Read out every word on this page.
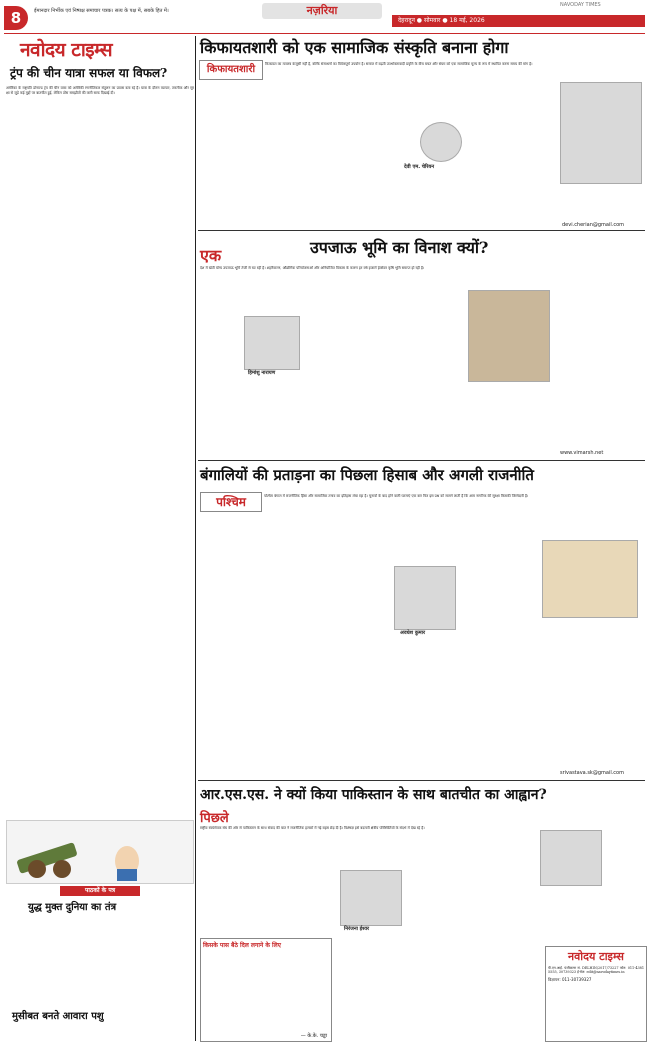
8	ईमानदार निर्भीक एवं निष्पक्ष समाचार पत्रक। सत्य के पक्ष में, सबके हित में।	नज़रिया	NAVODAY TIMES
देहरादून ● सोमवार ● 18 मई, 2026
नवोदय टाइम्स
ट्रंप की चीन यात्रा सफल या विफल?
अमेरिका के राष्ट्रपति डोनाल्ड ट्रंप की चीन यात्रा को अमेरिकी रणनीतिकार संतुलन का प्रयास बता रहे हैं। यात्रा के दौरान व्यापार, तकनीक और सुरक्षा से जुड़े कई मुद्दों पर बातचीत हुई, लेकिन ठोस समझौतों की कमी साफ दिखाई दी।
पाठकों के पत्र
युद्ध मुक्त दुनिया का तंत्र
मुसीबत बनते आवारा पशु
किफायतशारी को एक सामाजिक संस्कृति बनाना होगा
किफायतशारी	किफायत का मतलब कंजूसी नहीं है, बल्कि संसाधनों का विवेकपूर्ण उपयोग है। समाज में बढ़ती उपभोक्तावादी प्रवृत्ति के बीच बचत और संयम को एक सामाजिक मूल्य के रूप में स्थापित करना समय की मांग है।
देवी एम. चेरियन
devi.cherian@gmail.com
उपजाऊ भूमि का विनाश क्यों?
एक
देश में खेती योग्य उपजाऊ भूमि तेजी से घट रही है। शहरीकरण, औद्योगिक परियोजनाओं और अनियोजित विकास के कारण हर वर्ष हजारों हेक्टेयर कृषि भूमि समाप्त हो रही है।
हिमांशु नारायण
www.vimarsh.net
बंगालियों की प्रताड़ना का पिछला हिसाब और अगली राजनीति
पश्चिम	पश्चिम बंगाल में राजनीतिक हिंसा और सामाजिक तनाव का इतिहास लंबा रहा है। चुनावों के बाद होने वाली घटनाएं एक बार फिर इस प्रश्न को सामने लाती हैं कि आम नागरिक की सुरक्षा किसकी जिम्मेदारी है।
अवधेश कुमार
srivastava.sk@gmail.com
आर.एस.एस. ने क्यों किया पाकिस्तान के साथ बातचीत का आह्वान?
पिछले
राष्ट्रीय स्वयंसेवक संघ की ओर से पाकिस्तान के साथ संवाद की बात ने राजनीतिक हलकों में नई बहस छेड़ दी है। विशेषज्ञ इसे बदलती क्षेत्रीय परिस्थितियों के संदर्भ में देख रहे हैं।
निरंजना ईश्वर
किसके पास बैठे दिल लगाने के लिए
— के.के. चड्ढा
नवोदय टाइम्स
पी.एन.आई. पंजीकरण सं. DELHIN/2017/73227 फोन: 011-43815555, 30739323 ई-मेल: edit@navodaytimes.in
विज्ञापन: 011-30739327
